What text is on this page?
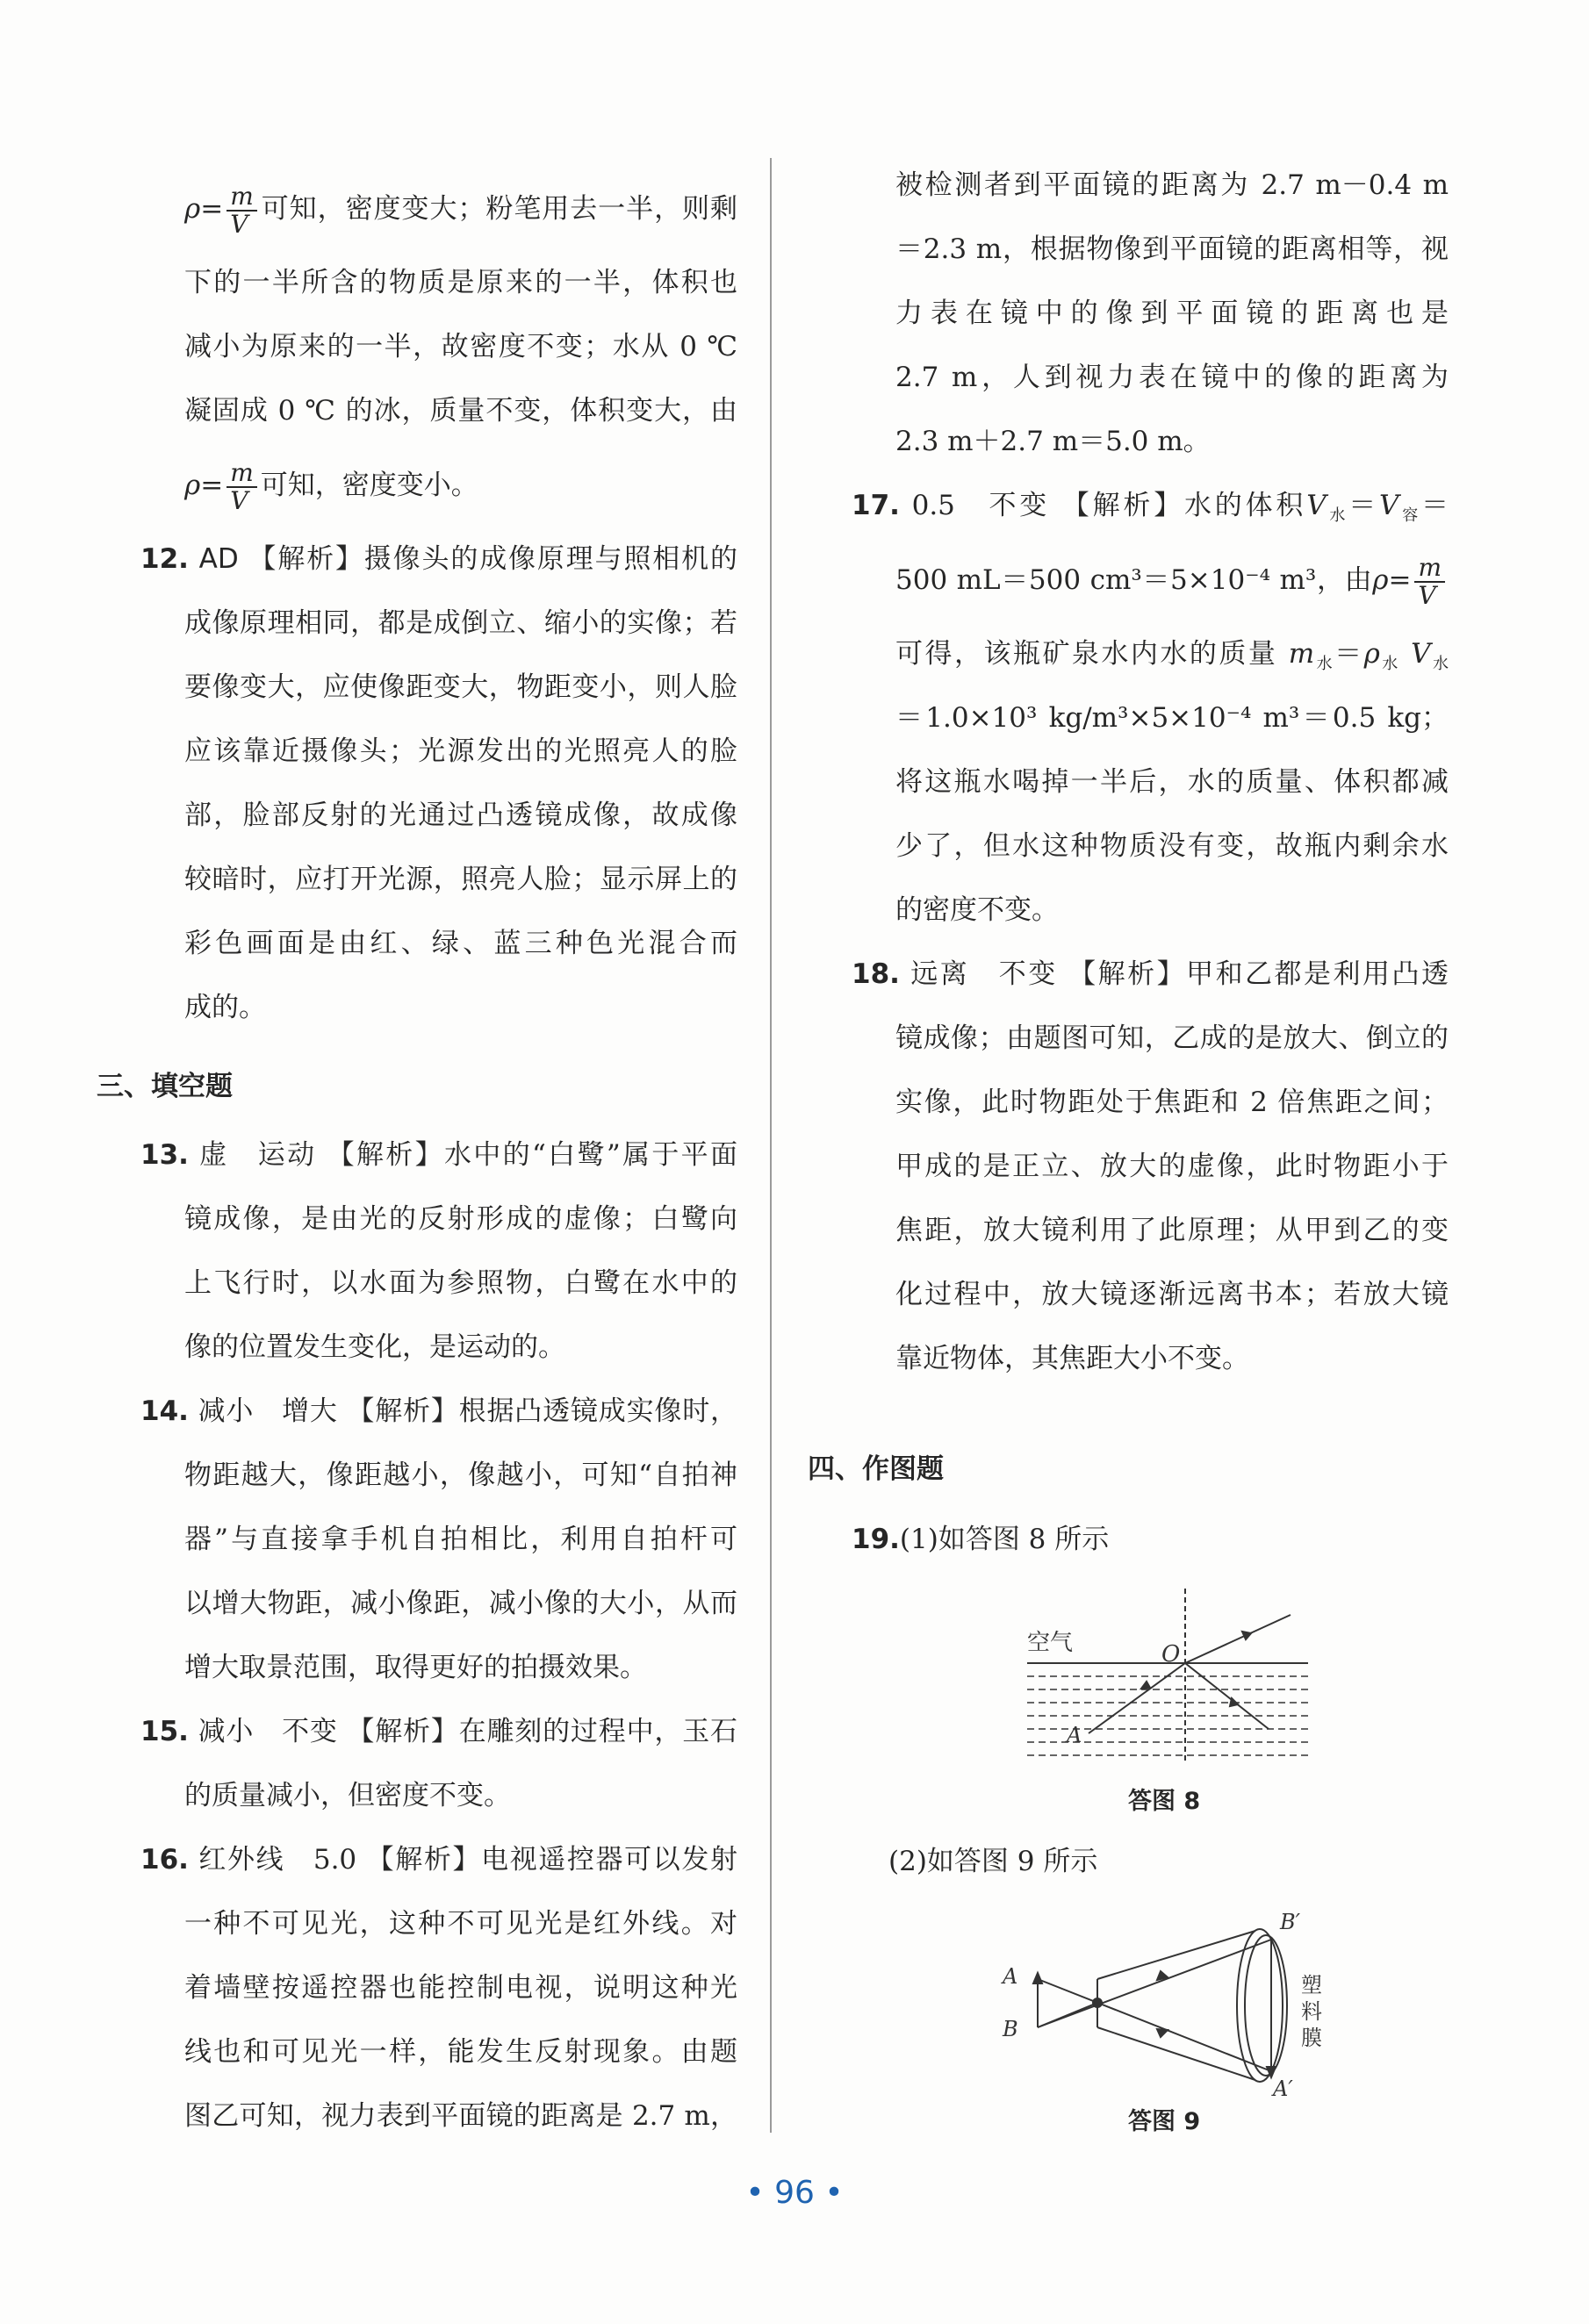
$\rho= \frac{m}{V}$ 可知，密度变大；粉笔用去一半，则剩
下的一半所含的物质是原来的一半，体积也
减小为原来的一半，故密度不变；水从 0 ℃
凝固成 0 ℃ 的冰，质量不变，体积变大，由
$\rho= \frac{m}{V}$ 可知，密度变小。
12. AD 【解析】摄像头的成像原理与照相机的
成像原理相同，都是成倒立、缩小的实像；若
要像变大，应使像距变大，物距变小，则人脸
应该靠近摄像头；光源发出的光照亮人的脸
部，脸部反射的光通过凸透镜成像，故成像
较暗时，应打开光源，照亮人脸；显示屏上的
彩色画面是由红、绿、蓝三种色光混合而
成的。
三、填空题
13. 虚　运动 【解析】水中的“白鹭”属于平面
镜成像，是由光的反射形成的虚像；白鹭向
上飞行时，以水面为参照物，白鹭在水中的
像的位置发生变化，是运动的。
14. 减小　增大 【解析】根据凸透镜成实像时，
物距越大，像距越小，像越小，可知“自拍神
器”与直接拿手机自拍相比，利用自拍杆可
以增大物距，减小像距，减小像的大小，从而
增大取景范围，取得更好的拍摄效果。
15. 减小　不变 【解析】在雕刻的过程中，玉石
的质量减小，但密度不变。
16. 红外线　5.0 【解析】电视遥控器可以发射
一种不可见光，这种不可见光是红外线。对
着墙壁按遥控器也能控制电视，说明这种光
线也和可见光一样，能发生反射现象。由题
图乙可知，视力表到平面镜的距离是 2.7 m，
被检测者到平面镜的距离为 2.7 m－0.4 m
＝2.3 m，根据物像到平面镜的距离相等，视
力表在镜中的像到平面镜的距离也是
2.7 m，人到视力表在镜中的像的距离为
2.3 m＋2.7 m＝5.0 m。
17. 0.5　不变 【解析】水的体积$V_水=V_容=$
500 mL＝500 cm³＝5×10⁻⁴ m³，由$\rho= \frac{m}{V}$
可得，该瓶矿泉水内水的质量 $m_水=\rho_水$ $V_水$
＝1.0×10³ kg/m³×5×10⁻⁴ m³＝0.5 kg；
将这瓶水喝掉一半后，水的质量、体积都减
少了，但水这种物质没有变，故瓶内剩余水
的密度不变。
18. 远离　不变 【解析】甲和乙都是利用凸透
镜成像；由题图可知，乙成的是放大、倒立的
实像，此时物距处于焦距和 2 倍焦距之间；
甲成的是正立、放大的虚像，此时物距小于
焦距，放大镜利用了此原理；从甲到乙的变
化过程中，放大镜逐渐远离书本；若放大镜
靠近物体，其焦距大小不变。
四、作图题
19.(1)如答图 8 所示
空气	O
A
答图 8
(2)如答图 9 所示
A
B
B′
A′
塑
料
膜
答图 9
• 96 •
